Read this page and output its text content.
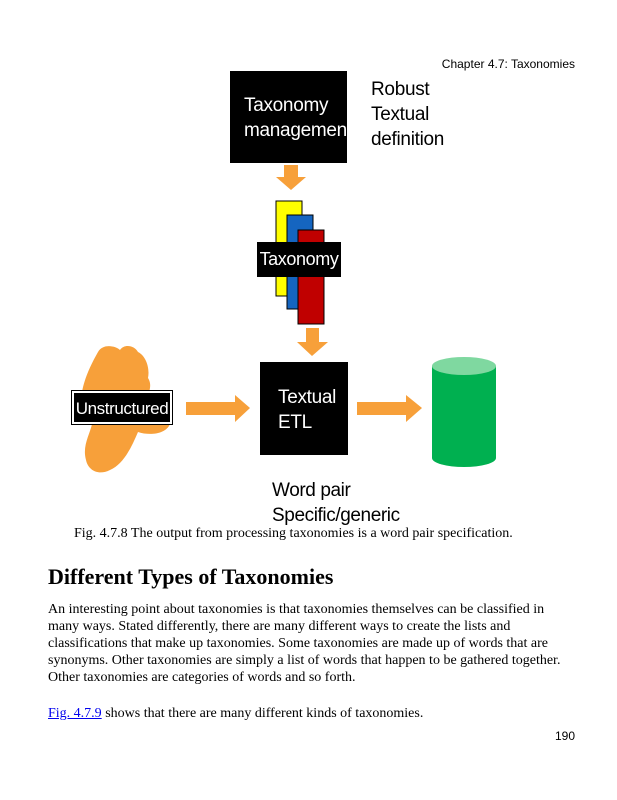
Chapter 4.7: Taxonomies
Taxonomy
management
Robust
Textual
definition
Taxonomy
Textual
ETL
Unstructured
Word pair
Specific/generic
Fig. 4.7.8 The output from processing taxonomies is a word pair specification.
Different Types of Taxonomies
An interesting point about taxonomies is that taxonomies themselves can be classified in many ways. Stated differently, there are many different ways to create the lists and classifications that make up taxonomies. Some taxonomies are made up of words that are synonyms. Other taxonomies are simply a list of words that happen to be gathered together. Other taxonomies are categories of words and so forth.
Fig. 4.7.9 shows that there are many different kinds of taxonomies.
190
